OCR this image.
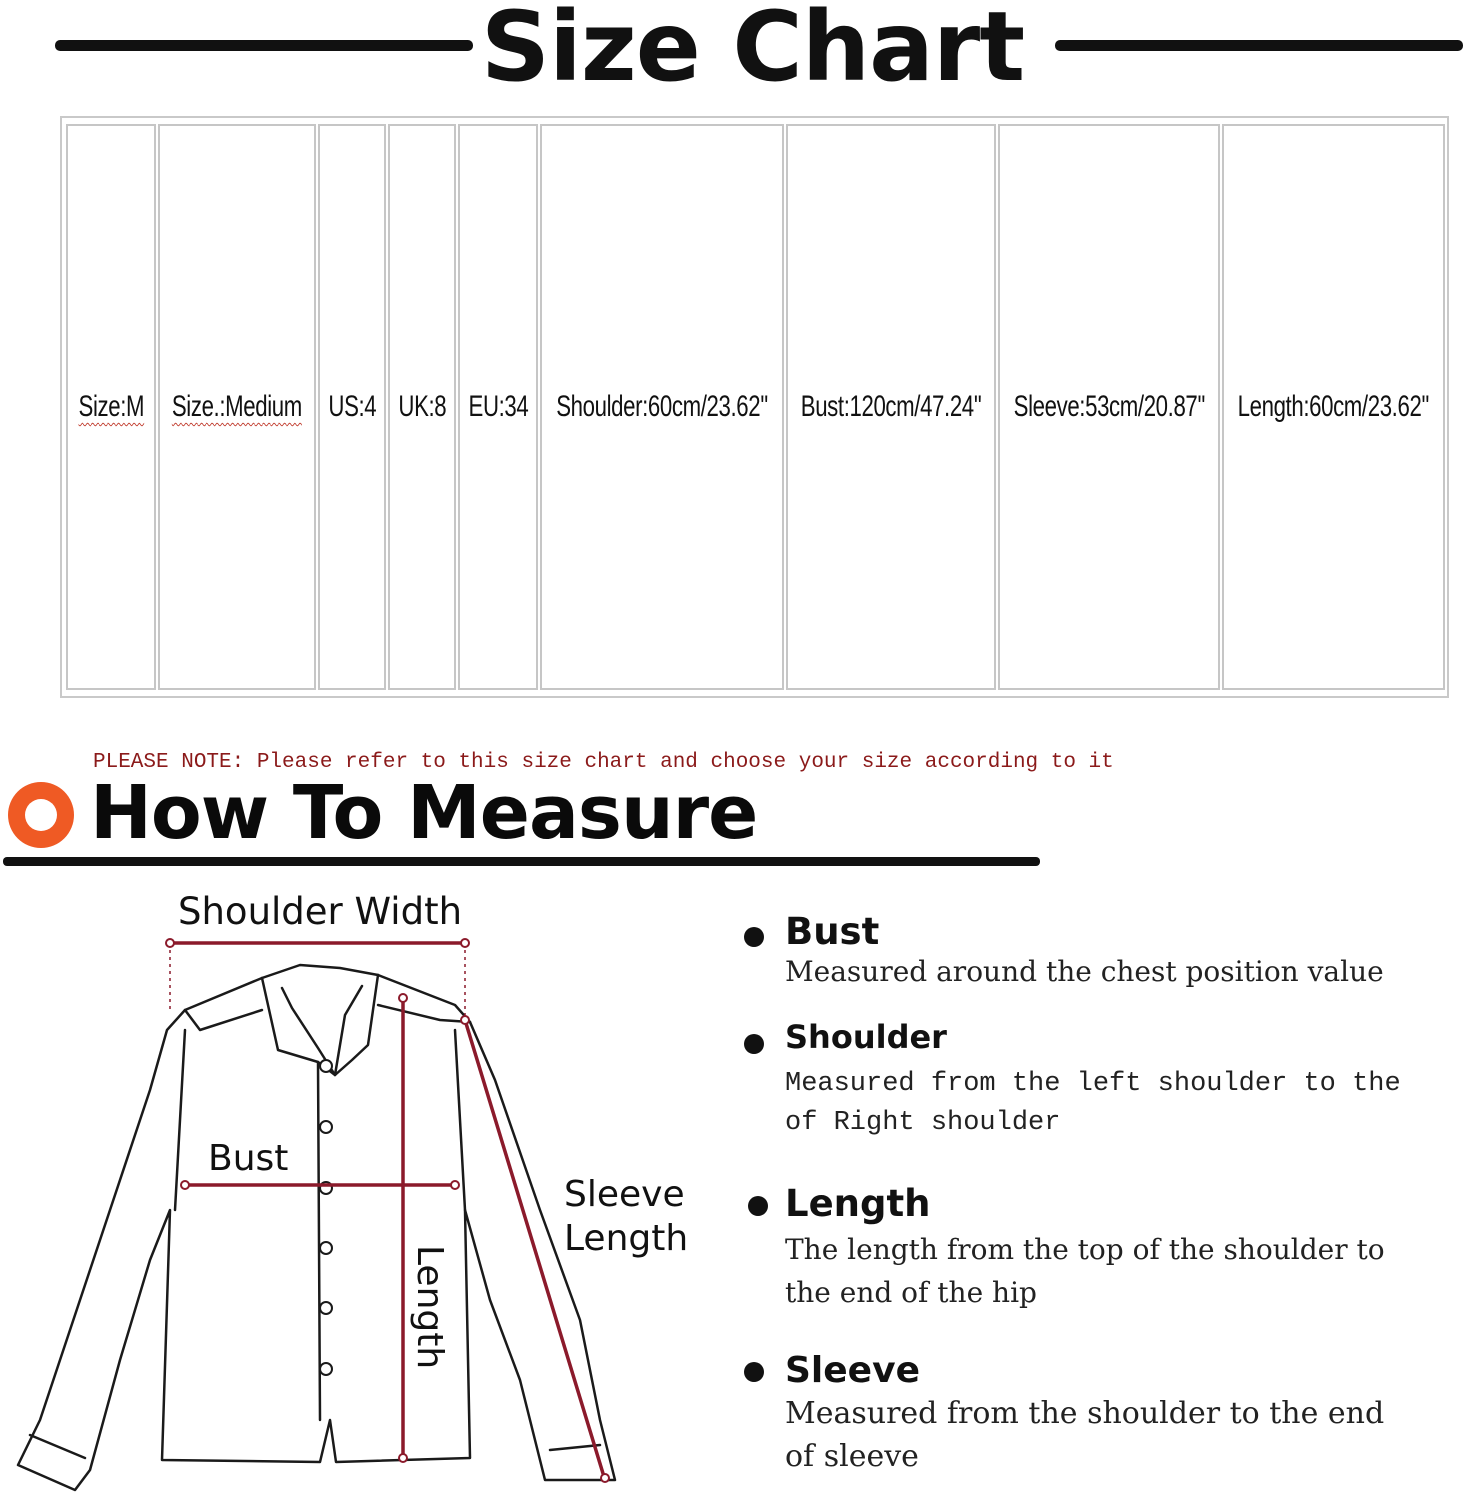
Size Chart
Size:M Size.:Medium US:4 UK:8 EU:34 Shoulder:60cm/23.62'' Bust:120cm/47.24'' Sleeve:53cm/20.87'' Length:60cm/23.62''
PLEASE NOTE: Please refer to this size chart and choose your size according to it
How To Measure
Shoulder Width
Bust
Sleeve
Length
Length
Bust
Measured around the chest position value
Shoulder
Measured from the left shoulder to the
of Right shoulder
Length
The length from the top of the shoulder to
the end of the hip
Sleeve
Measured from the shoulder to the end
of sleeve
